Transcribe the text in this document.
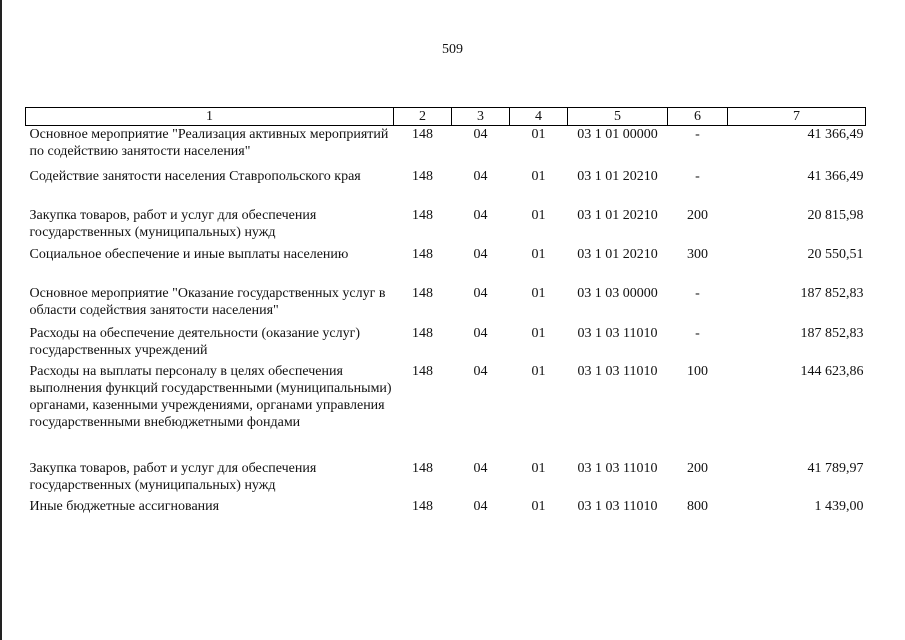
509
1	2	3	4	5	6	7
Основное мероприятие "Реализация активных мероприятий по содействию занятости населения"	148	04	01	03 1 01 00000	-	41 366,49
Содействие занятости населения Ставропольского края	148	04	01	03 1 01 20210	-	41 366,49
Закупка товаров, работ и услуг для обеспечения государственных (муниципальных) нужд	148	04	01	03 1 01 20210	200	20 815,98
Социальное обеспечение и иные выплаты населению	148	04	01	03 1 01 20210	300	20 550,51
Основное мероприятие "Оказание государственных услуг в области содействия занятости населения"	148	04	01	03 1 03 00000	-	187 852,83
Расходы на обеспечение деятельности (оказание услуг) государственных учреждений	148	04	01	03 1 03 11010	-	187 852,83
Расходы на выплаты персоналу в целях обеспечения выполнения функций государственными (муниципальными) органами, казенными учреждениями, органами управления государственными внебюджетными фондами	148	04	01	03 1 03 11010	100	144 623,86
Закупка товаров, работ и услуг для обеспечения государственных (муниципальных) нужд	148	04	01	03 1 03 11010	200	41 789,97
Иные бюджетные ассигнования	148	04	01	03 1 03 11010	800	1 439,00
